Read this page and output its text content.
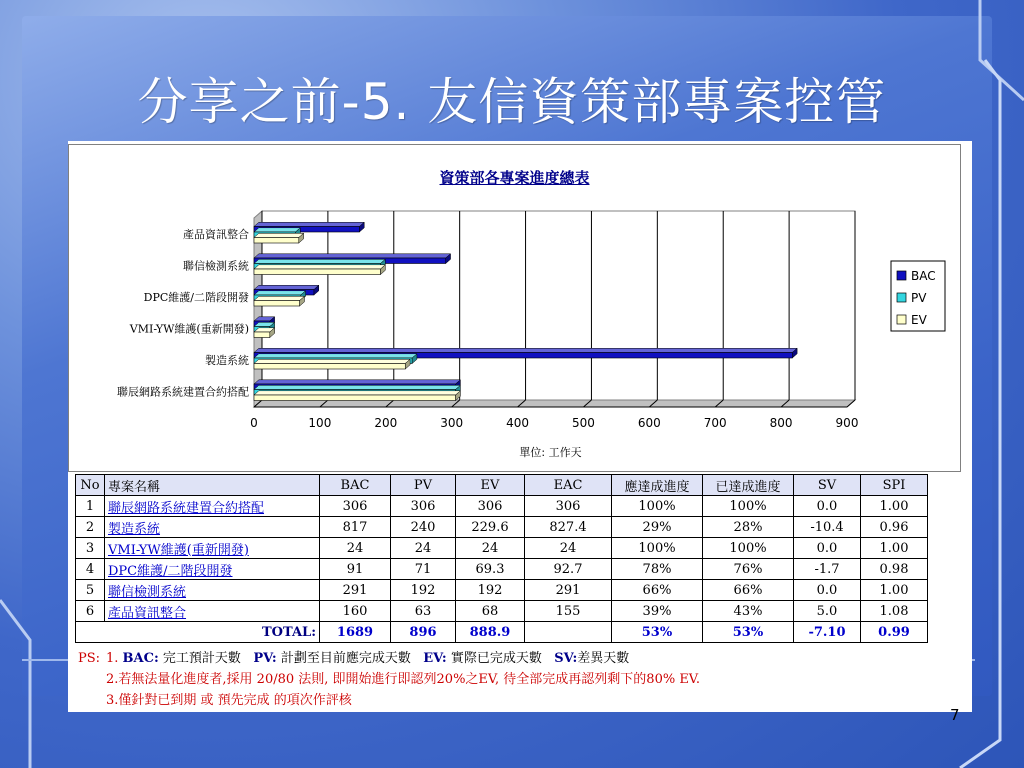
分享之前-5. 友信資策部專案控管
資策部各專案進度總表
0	100	200	300	400	500	600	700	800	900
產品資訊整合
聯信檢測系統
DPC維護/二階段開發
VMI-YW維護(重新開發)
製造系統
聯辰網路系統建置合約搭配
單位: 工作天
BAC
PV
EV
No	專案名稱	BAC	PV	EV	EAC	應達成進度	已達成進度	SV	SPI
1	聯辰網路系統建置合約搭配	306	306	306	306	100%	100%	0.0	1.00
2	製造系統	817	240	229.6	827.4	29%	28%	-10.4	0.96
3	VMI-YW維護(重新開發)	24	24	24	24	100%	100%	0.0	1.00
4	DPC維護/二階段開發	91	71	69.3	92.7	78%	76%	-1.7	0.98
5	聯信檢測系統	291	192	192	291	66%	66%	0.0	1.00
6	產品資訊整合	160	63	68	155	39%	43%	5.0	1.08
TOTAL:		1689	896	888.9		53%	53%	-7.10	0.99
PS: 1. BAC: 完工預計天數 PV: 計劃至目前應完成天數 EV: 實際已完成天數 SV:差異天數
2.若無法量化進度者,採用 20/80 法則, 即開始進行即認列20%之EV, 待全部完成再認列剩下的80% EV.
3.僅針對已到期 或 預先完成 的項次作評核
7
